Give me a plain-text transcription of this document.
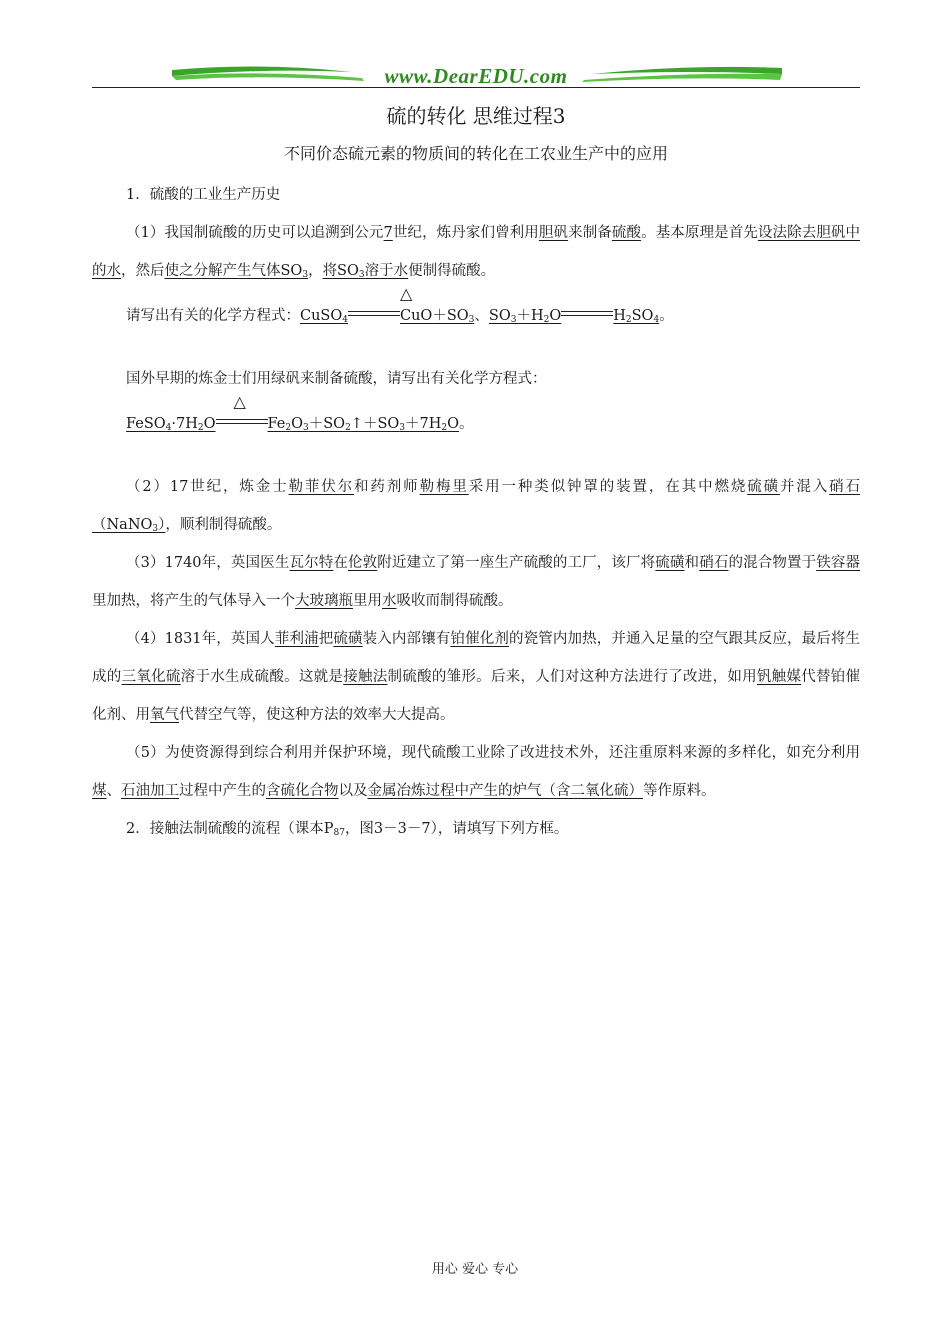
www.DearEDU.com
硫的转化 思维过程3
不同价态硫元素的物质间的转化在工农业生产中的应用

1．硫酸的工业生产历史

（1）我国制硫酸的历史可以追溯到公元7世纪，炼丹家们曾利用胆矾来制备硫酸。基本原理是首先设法除去胆矾中的水，然后使之分解产生气体$SO_3$，将$SO_3$溶于水便制得硫酸。

请写出有关的化学方程式：CuSO$_4$
△
$CuO+SO_3$、$SO_3+H_2O$	$H_2SO_4$。

国外早期的炼金士们用绿矾来制备硫酸，请写出有关化学方程式：

$FeSO_4\cdot 7H_2O$
△
$Fe_2O_3+SO_2↑+SO_3+7H_2O$。

（2）17世纪，炼金士勒菲伏尔和药剂师勒梅里采用一种类似钟罩的装置，在其中燃烧硫磺并混入硝石（NaNO$_3$），顺利制得硫酸。

（3）1740年，英国医生瓦尔特在伦敦附近建立了第一座生产硫酸的工厂，该厂将硫磺和硝石的混合物置于铁容器里加热，将产生的气体导入一个大玻璃瓶里用水吸收而制得硫酸。

（4）1831年，英国人菲利浦把硫磺装入内部镶有铂催化剂的瓷管内加热，并通入足量的空气跟其反应，最后将生成的三氧化硫溶于水生成硫酸。这就是接触法制硫酸的雏形。后来，人们对这种方法进行了改进，如用钒触媒代替铂催化剂、用氧气代替空气等，使这种方法的效率大大提高。

（5）为使资源得到综合利用并保护环境，现代硫酸工业除了改进技术外，还注重原料来源的多样化，如充分利用煤、石油加工过程中产生的含硫化合物以及金属冶炼过程中产生的炉气（含二氧化硫）等作原料。

2．接触法制硫酸的流程（课本$P_{87}$，图3－3－7），请填写下列方框。

用心 爱心 专心
